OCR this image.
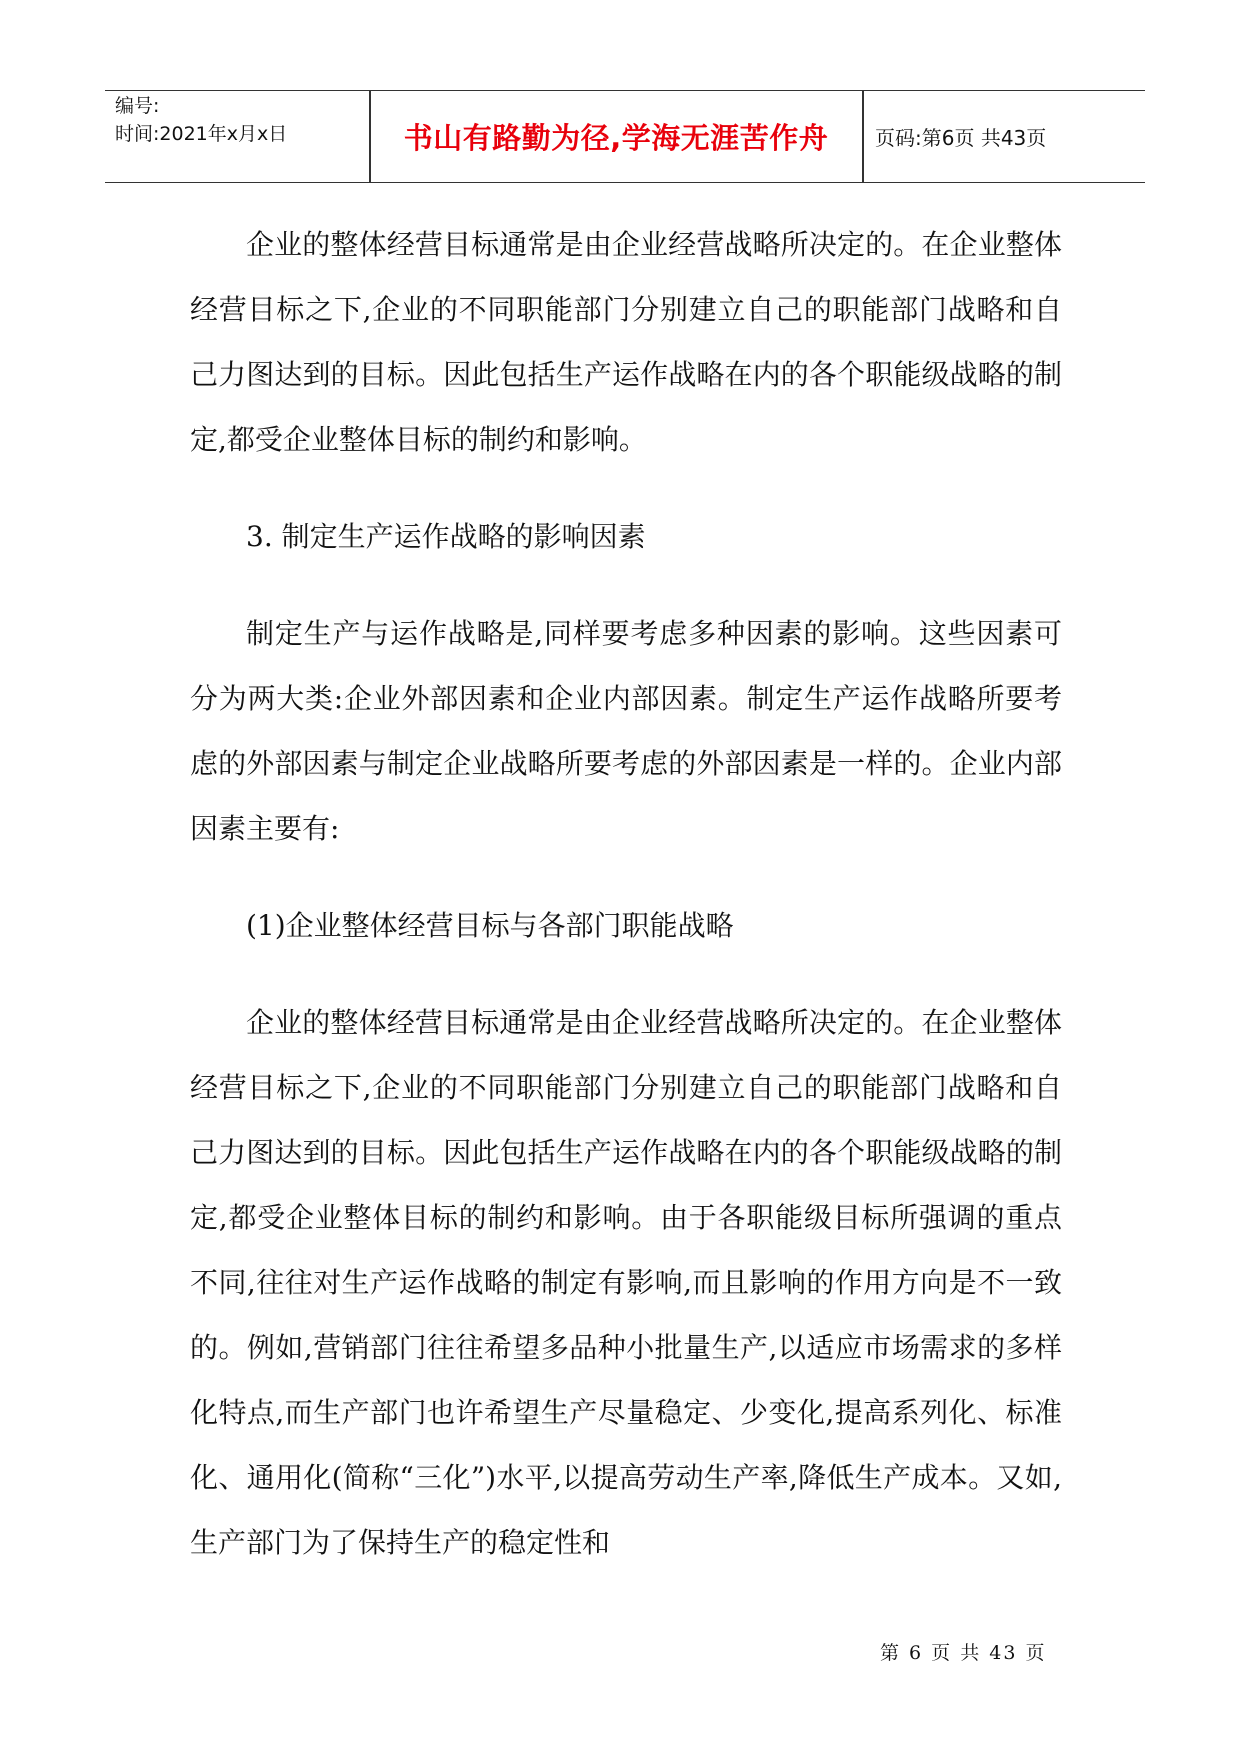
编号:
时间:2021年x月x日	书山有路勤为径,学海无涯苦作舟	页码:第6页 共43页

企业的整体经营目标通常是由企业经营战略所决定的。在企业整体经营目标之下,企业的不同职能部门分别建立自己的职能部门战略和自己力图达到的目标。因此包括生产运作战略在内的各个职能级战略的制定,都受企业整体目标的制约和影响。

3. 制定生产运作战略的影响因素

制定生产与运作战略是,同样要考虑多种因素的影响。这些因素可分为两大类:企业外部因素和企业内部因素。制定生产运作战略所要考虑的外部因素与制定企业战略所要考虑的外部因素是一样的。企业内部因素主要有:

(1)企业整体经营目标与各部门职能战略

企业的整体经营目标通常是由企业经营战略所决定的。在企业整体经营目标之下,企业的不同职能部门分别建立自己的职能部门战略和自己力图达到的目标。因此包括生产运作战略在内的各个职能级战略的制定,都受企业整体目标的制约和影响。由于各职能级目标所强调的重点不同,往往对生产运作战略的制定有影响,而且影响的作用方向是不一致的。例如,营销部门往往希望多品种小批量生产,以适应市场需求的多样化特点,而生产部门也许希望生产尽量稳定、少变化,提高系列化、标准化、通用化(简称“三化”)水平,以提高劳动生产率,降低生产成本。又如,生产部门为了保持生产的稳定性和

第 6 页 共 43 页
